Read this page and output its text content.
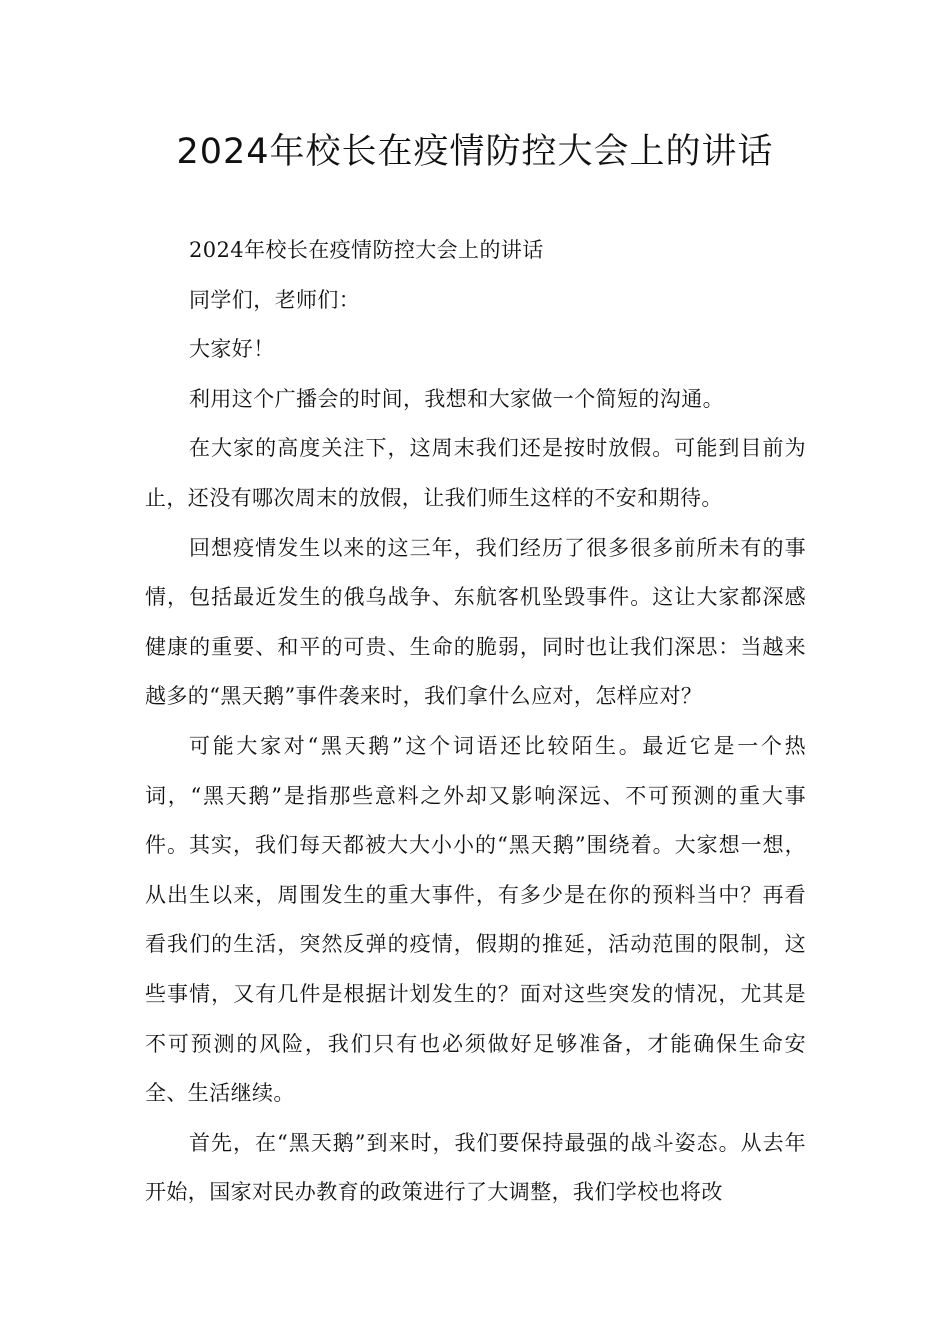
2024年校长在疫情防控大会上的讲话

2024年校长在疫情防控大会上的讲话

同学们，老师们：

大家好！

利用这个广播会的时间，我想和大家做一个简短的沟通。

在大家的高度关注下，这周末我们还是按时放假。可能到目前为止，还没有哪次周末的放假，让我们师生这样的不安和期待。

回想疫情发生以来的这三年，我们经历了很多很多前所未有的事情，包括最近发生的俄乌战争、东航客机坠毁事件。这让大家都深感健康的重要、和平的可贵、生命的脆弱，同时也让我们深思：当越来越多的“黑天鹅”事件袭来时，我们拿什么应对，怎样应对？

可能大家对“黑天鹅”这个词语还比较陌生。最近它是一个热词，“黑天鹅”是指那些意料之外却又影响深远、不可预测的重大事件。其实，我们每天都被大大小小的“黑天鹅”围绕着。大家想一想，从出生以来，周围发生的重大事件，有多少是在你的预料当中？再看看我们的生活，突然反弹的疫情，假期的推延，活动范围的限制，这些事情，又有几件是根据计划发生的？面对这些突发的情况，尤其是不可预测的风险，我们只有也必须做好足够准备，才能确保生命安全、生活继续。

首先，在“黑天鹅”到来时，我们要保持最强的战斗姿态。从去年开始，国家对民办教育的政策进行了大调整，我们学校也将改
